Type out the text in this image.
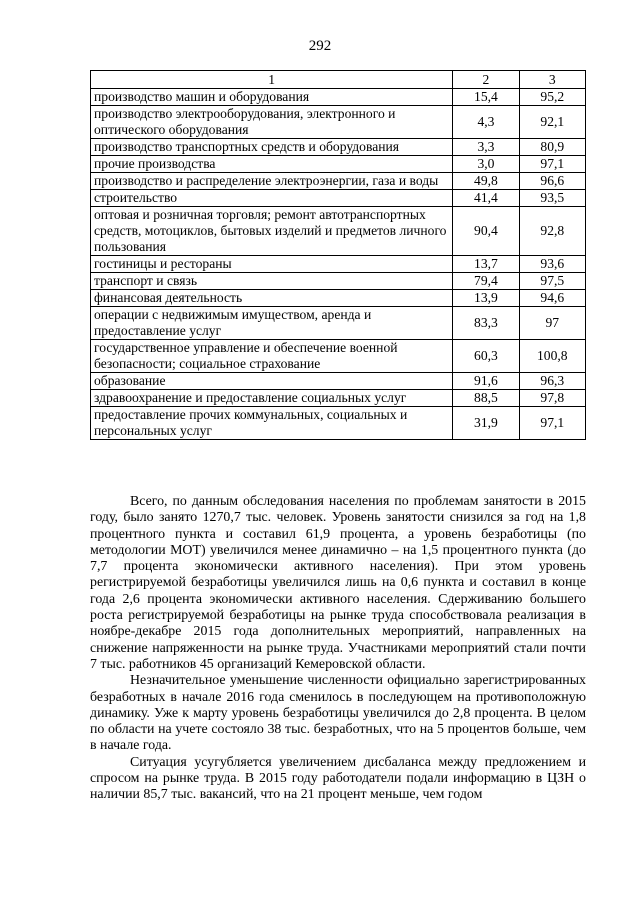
292
1	2	3
производство машин и оборудования	15,4	95,2
производство электрооборудования, электронного и оптического оборудования	4,3	92,1
производство транспортных средств и оборудования	3,3	80,9
прочие производства	3,0	97,1
производство и распределение электроэнергии, газа и воды	49,8	96,6
строительство	41,4	93,5
оптовая и розничная торговля; ремонт автотранспортных средств, мотоциклов, бытовых изделий и предметов личного пользования	90,4	92,8
гостиницы и рестораны	13,7	93,6
транспорт и связь	79,4	97,5
финансовая деятельность	13,9	94,6
операции с недвижимым имуществом, аренда и предоставление услуг	83,3	97
государственное управление и обеспечение военной безопасности; социальное страхование	60,3	100,8
образование	91,6	96,3
здравоохранение и предоставление социальных услуг	88,5	97,8
предоставление прочих коммунальных, социальных и персональных услуг	31,9	97,1

Всего, по данным обследования населения по проблемам занятости в 2015 году, было занято 1270,7 тыс. человек. Уровень занятости снизился за год на 1,8 процентного пункта и составил 61,9 процента, а уровень безработицы (по методологии МОТ) увеличился менее динамично – на 1,5 процентного пункта (до 7,7 процента экономически активного населения). При этом уровень регистрируемой безработицы увеличился лишь на 0,6 пункта и составил в конце года 2,6 процента экономически активного населения. Сдерживанию большего роста регистрируемой безработицы на рынке труда способствовала реализация в ноябре-декабре 2015 года дополнительных мероприятий, направленных на снижение напряженности на рынке труда. Участниками мероприятий стали почти 7 тыс. работников 45 организаций Кемеровской области.

Незначительное уменьшение численности официально зарегистрированных безработных в начале 2016 года сменилось в последующем на противоположную динамику. Уже к марту уровень безработицы увеличился до 2,8 процента. В целом по области на учете состояло 38 тыс. безработных, что на 5 процентов больше, чем в начале года.

Ситуация усугубляется увеличением дисбаланса между предложением и спросом на рынке труда. В 2015 году работодатели подали информацию в ЦЗН о наличии 85,7 тыс. вакансий, что на 21 процент меньше, чем годом
